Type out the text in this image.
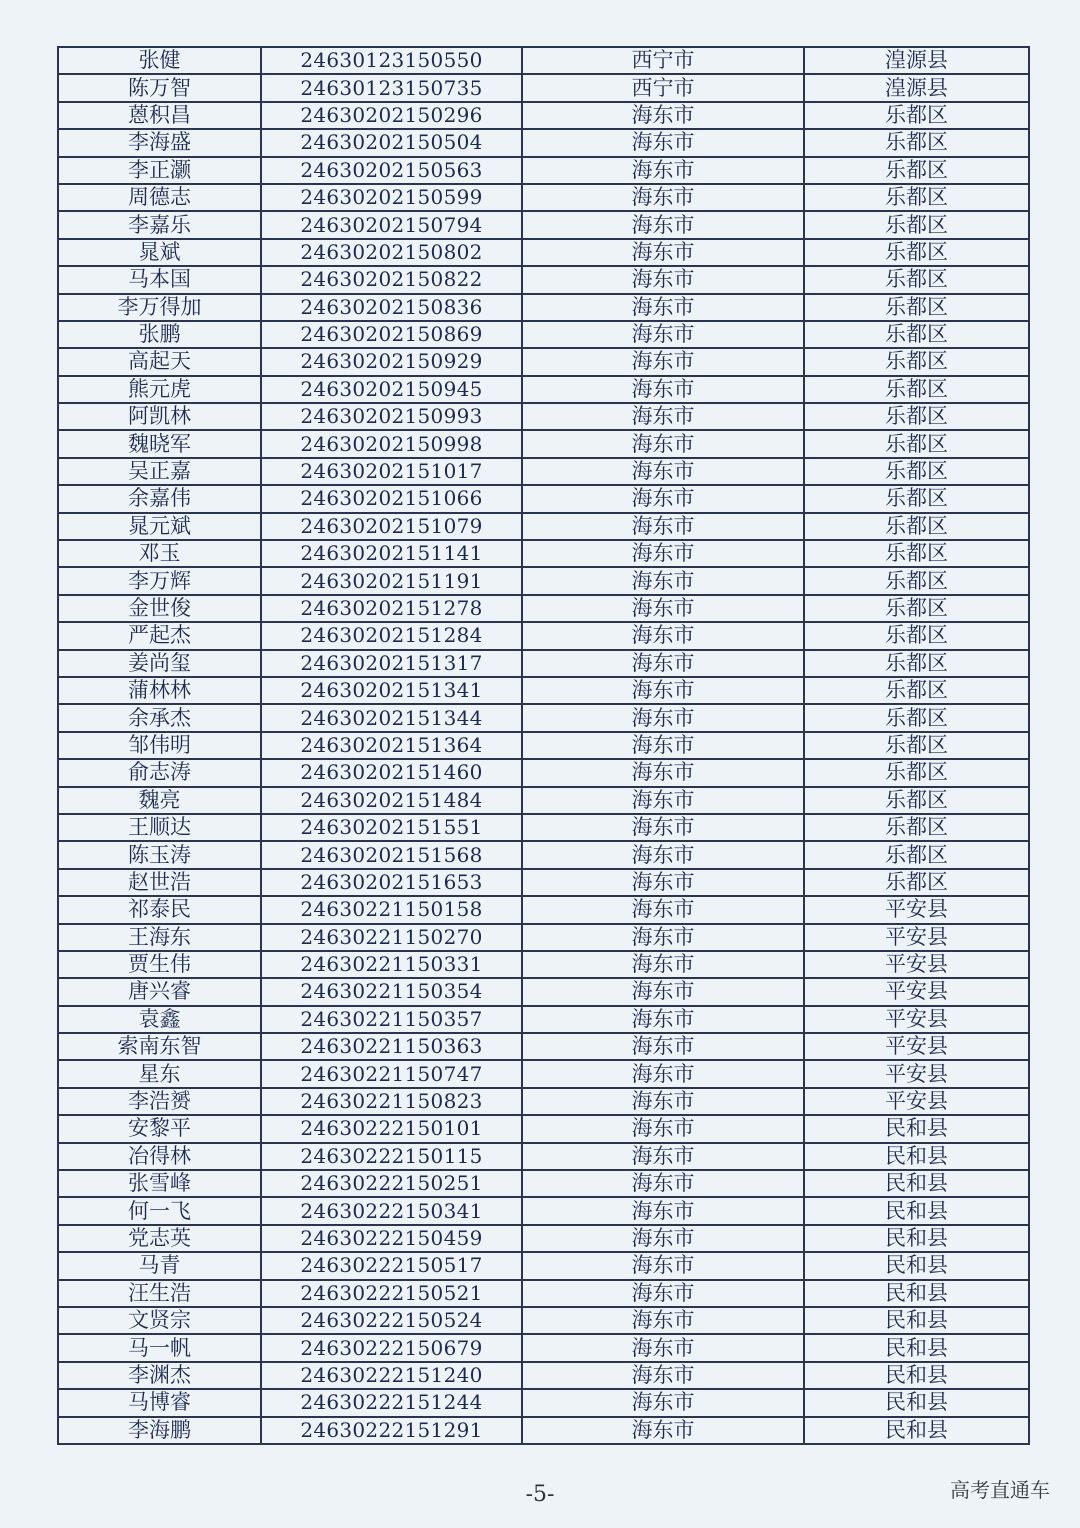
张健	24630123150550	西宁市	湟源县
陈万智	24630123150735	西宁市	湟源县
蒽积昌	24630202150296	海东市	乐都区
李海盛	24630202150504	海东市	乐都区
李正灏	24630202150563	海东市	乐都区
周德志	24630202150599	海东市	乐都区
李嘉乐	24630202150794	海东市	乐都区
晁斌	24630202150802	海东市	乐都区
马本国	24630202150822	海东市	乐都区
李万得加	24630202150836	海东市	乐都区
张鹏	24630202150869	海东市	乐都区
高起天	24630202150929	海东市	乐都区
熊元虎	24630202150945	海东市	乐都区
阿凯林	24630202150993	海东市	乐都区
魏晓军	24630202150998	海东市	乐都区
吴正嘉	24630202151017	海东市	乐都区
余嘉伟	24630202151066	海东市	乐都区
晁元斌	24630202151079	海东市	乐都区
邓玉	24630202151141	海东市	乐都区
李万辉	24630202151191	海东市	乐都区
金世俊	24630202151278	海东市	乐都区
严起杰	24630202151284	海东市	乐都区
姜尚玺	24630202151317	海东市	乐都区
蒲林林	24630202151341	海东市	乐都区
余承杰	24630202151344	海东市	乐都区
邹伟明	24630202151364	海东市	乐都区
俞志涛	24630202151460	海东市	乐都区
魏亮	24630202151484	海东市	乐都区
王顺达	24630202151551	海东市	乐都区
陈玉涛	24630202151568	海东市	乐都区
赵世浩	24630202151653	海东市	乐都区
祁泰民	24630221150158	海东市	平安县
王海东	24630221150270	海东市	平安县
贾生伟	24630221150331	海东市	平安县
唐兴睿	24630221150354	海东市	平安县
袁鑫	24630221150357	海东市	平安县
索南东智	24630221150363	海东市	平安县
星东	24630221150747	海东市	平安县
李浩赟	24630221150823	海东市	平安县
安黎平	24630222150101	海东市	民和县
冶得林	24630222150115	海东市	民和县
张雪峰	24630222150251	海东市	民和县
何一飞	24630222150341	海东市	民和县
党志英	24630222150459	海东市	民和县
马青	24630222150517	海东市	民和县
汪生浩	24630222150521	海东市	民和县
文贤宗	24630222150524	海东市	民和县
马一帆	24630222150679	海东市	民和县
李渊杰	24630222151240	海东市	民和县
马博睿	24630222151244	海东市	民和县
李海鹏	24630222151291	海东市	民和县
-5-	高考直通车
